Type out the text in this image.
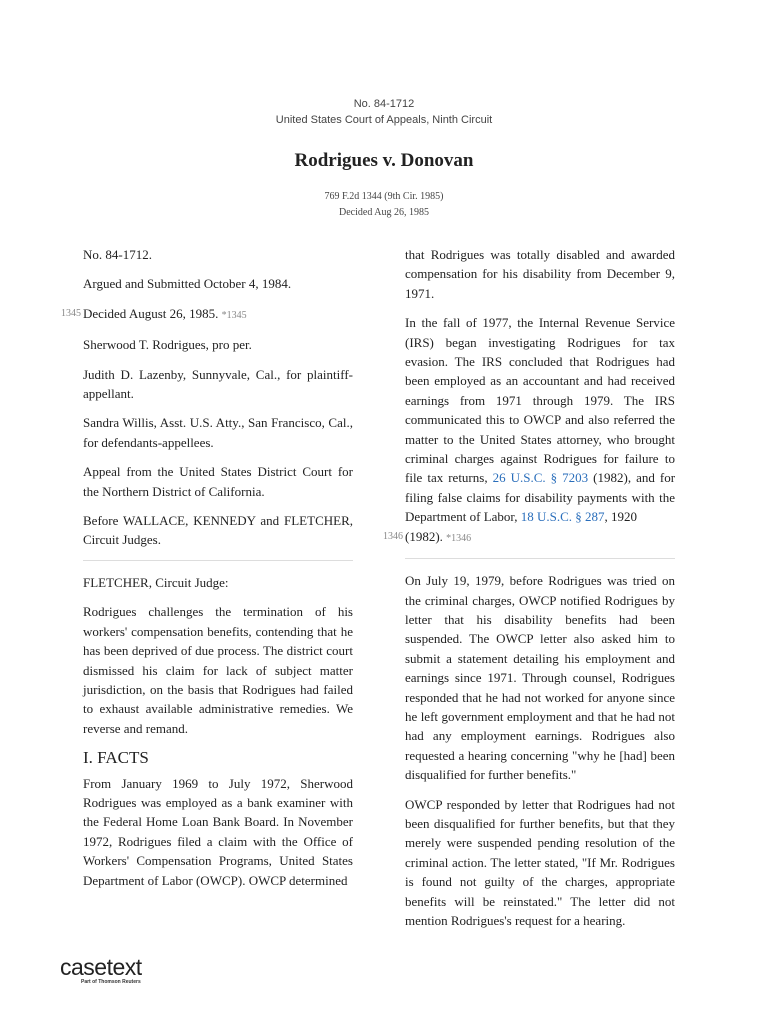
No. 84-1712
United States Court of Appeals, Ninth Circuit
Rodrigues v. Donovan
769 F.2d 1344 (9th Cir. 1985)
Decided Aug 26, 1985

No. 84-1712.

Argued and Submitted October 4, 1984.

1345 Decided August 26, 1985. *1345

Sherwood T. Rodrigues, pro per.

Judith D. Lazenby, Sunnyvale, Cal., for plaintiff-appellant.

Sandra Willis, Asst. U.S. Atty., San Francisco, Cal., for defendants-appellees.

Appeal from the United States District Court for the Northern District of California.

Before WALLACE, KENNEDY and FLETCHER, Circuit Judges.

FLETCHER, Circuit Judge:

Rodrigues challenges the termination of his workers' compensation benefits, contending that he has been deprived of due process. The district court dismissed his claim for lack of subject matter jurisdiction, on the basis that Rodrigues had failed to exhaust available administrative remedies. We reverse and remand.

I. FACTS

From January 1969 to July 1972, Sherwood Rodrigues was employed as a bank examiner with the Federal Home Loan Bank Board. In November 1972, Rodrigues filed a claim with the Office of Workers' Compensation Programs, United States Department of Labor (OWCP). OWCP determined

that Rodrigues was totally disabled and awarded compensation for his disability from December 9, 1971.

In the fall of 1977, the Internal Revenue Service (IRS) began investigating Rodrigues for tax evasion. The IRS concluded that Rodrigues had been employed as an accountant and had received earnings from 1971 through 1979. The IRS communicated this to OWCP and also referred the matter to the United States attorney, who brought criminal charges against Rodrigues for failure to file tax returns, 26 U.S.C. § 7203 (1982), and for filing false claims for disability payments with the Department of Labor, 18 U.S.C. § 287, 1920

1346 (1982). *1346

On July 19, 1979, before Rodrigues was tried on the criminal charges, OWCP notified Rodrigues by letter that his disability benefits had been suspended. The OWCP letter also asked him to submit a statement detailing his employment and earnings since 1971. Through counsel, Rodrigues responded that he had not worked for anyone since he left government employment and that he had not had any employment earnings. Rodrigues also requested a hearing concerning "why he [had] been disqualified for further benefits."

OWCP responded by letter that Rodrigues had not been disqualified for further benefits, but that they merely were suspended pending resolution of the criminal action. The letter stated, "If Mr. Rodrigues is found not guilty of the charges, appropriate benefits will be reinstated." The letter did not mention Rodrigues's request for a hearing.

casetext
Part of Thomson Reuters
